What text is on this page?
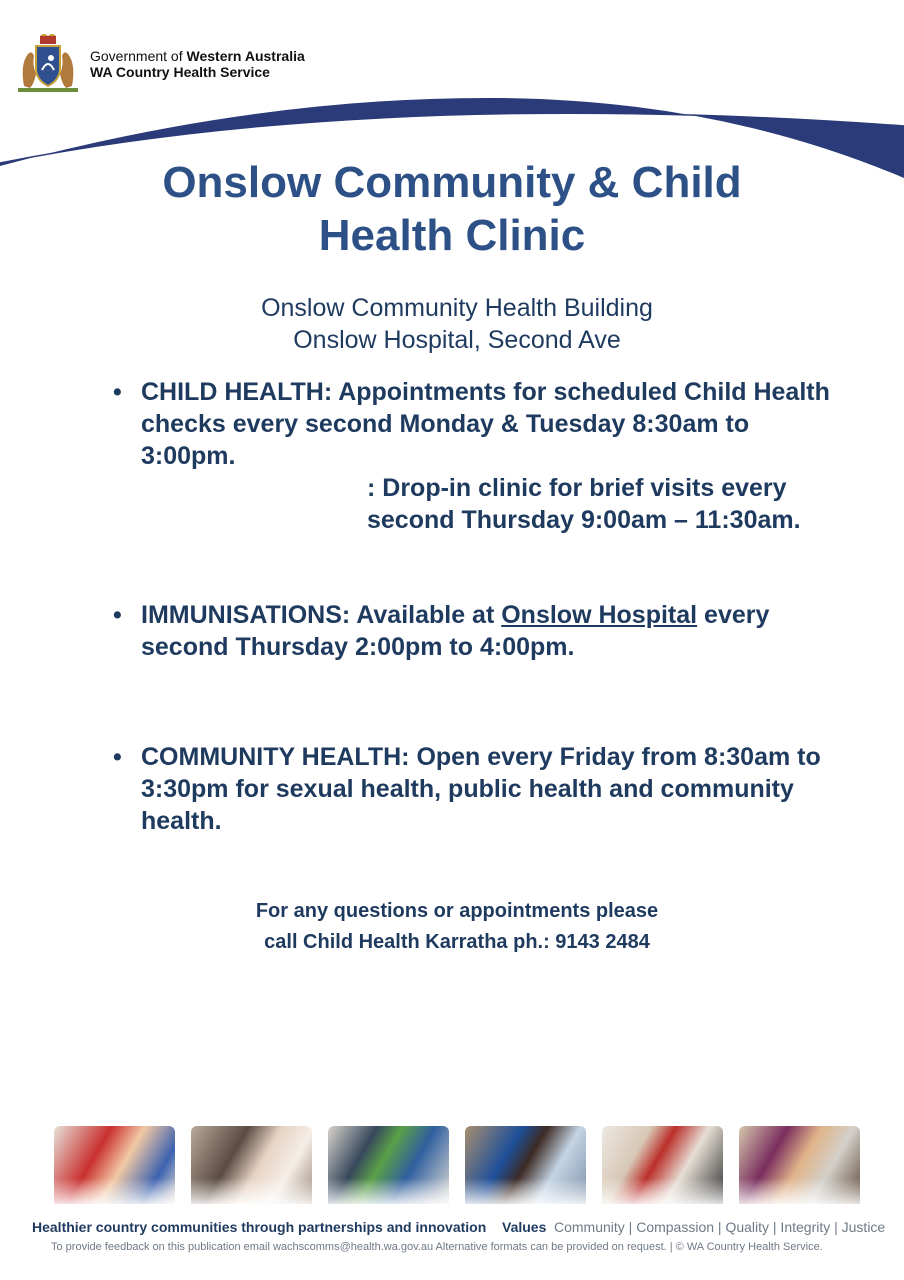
Government of Western Australia
WA Country Health Service
Onslow Community & Child
Health Clinic
Onslow Community Health Building
Onslow Hospital, Second Ave
• CHILD HEALTH: Appointments for scheduled Child Health checks every second Monday & Tuesday 8:30am to 3:00pm.
: Drop-in clinic for brief visits every second Thursday 9:00am – 11:30am.
• IMMUNISATIONS: Available at Onslow Hospital every second Thursday 2:00pm to 4:00pm.
• COMMUNITY HEALTH: Open every Friday from 8:30am to 3:30pm for sexual health, public health and community health.
For any questions or appointments please
call Child Health Karratha ph.: 9143 2484
Healthier country communities through partnerships and innovation Values Community | Compassion | Quality | Integrity | Justice
To provide feedback on this publication email wachscomms@health.wa.gov.au Alternative formats can be provided on request. | © WA Country Health Service.
